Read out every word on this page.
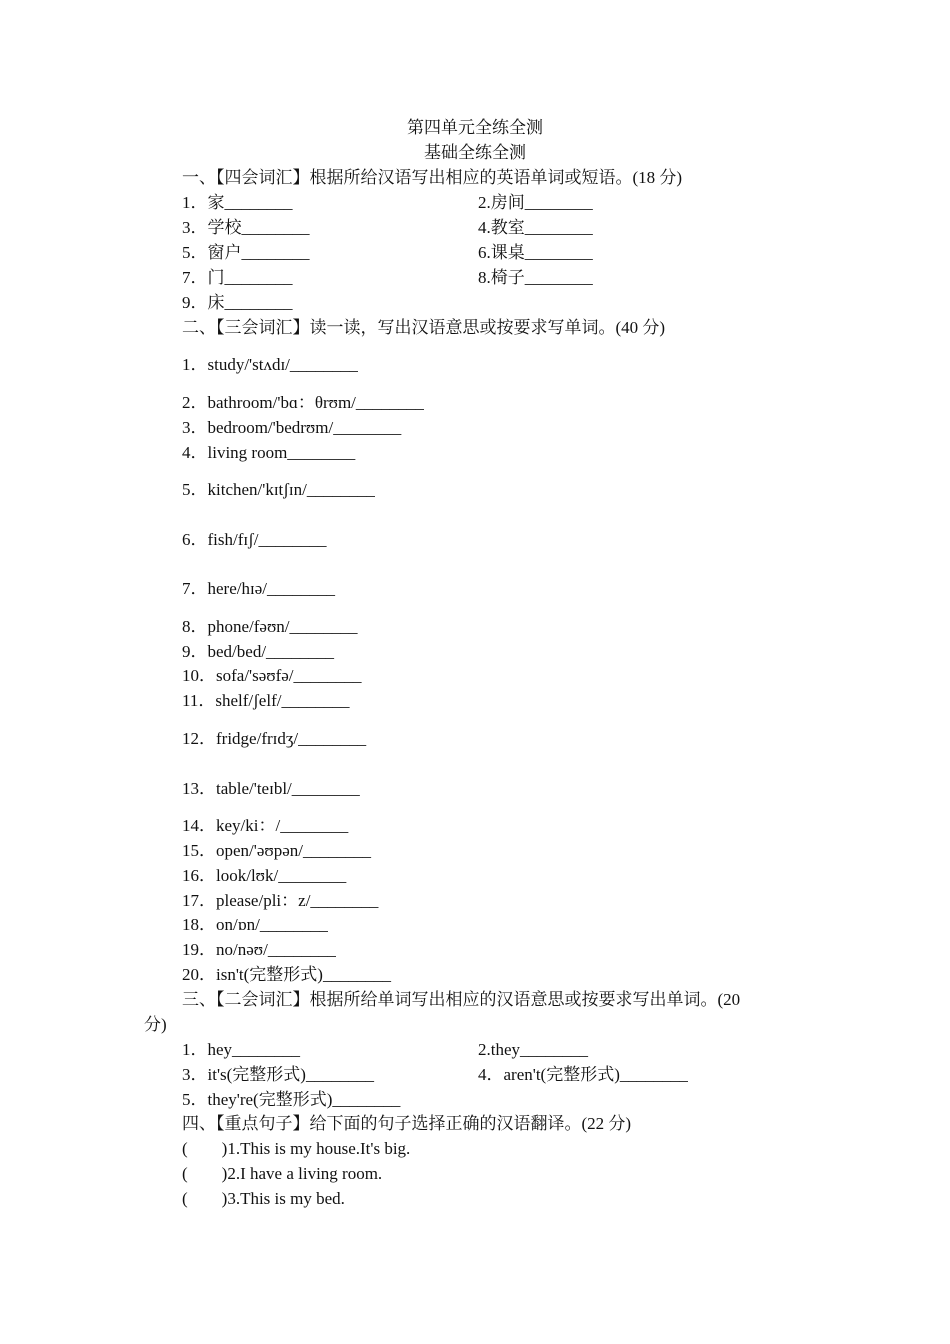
第四单元全练全测
基础全练全测
一、【四会词汇】根据所给汉语写出相应的英语单词或短语。(18 分)
1．家________	2.房间________
3．学校________	4.教室________
5．窗户________	6.课桌________
7．门________	8.椅子________
9．床________
二、【三会词汇】读一读，写出汉语意思或按要求写单词。(40 分)
1．study/'stʌdɪ/________
2．bathroom/'bɑ：θrʊm/________
3．bedroom/'bedrʊm/________
4．living room________
5．kitchen/'kɪtʃɪn/________
6．fish/fɪʃ/________
7．here/hɪə/________
8．phone/fəʊn/________
9．bed/bed/________
10．sofa/'səʊfə/________
11．shelf/ʃelf/________
12．fridge/frɪdʒ/________
13．table/'teɪbl/________
14．key/ki：/________
15．open/'əʊpən/________
16．look/lʊk/________
17．please/pli：z/________
18．on/ɒn/________
19．no/nəʊ/________
20．isn't(完整形式)________
三、【二会词汇】根据所给单词写出相应的汉语意思或按要求写出单词。(20
分)
1．hey________	2.they________
3．it's(完整形式)________	4．aren't(完整形式)________
5．they're(完整形式)________
四、【重点句子】给下面的句子选择正确的汉语翻译。(22 分)
(　　)1.This is my house.It's big.
(　　)2.I have a living room.
(　　)3.This is my bed.
